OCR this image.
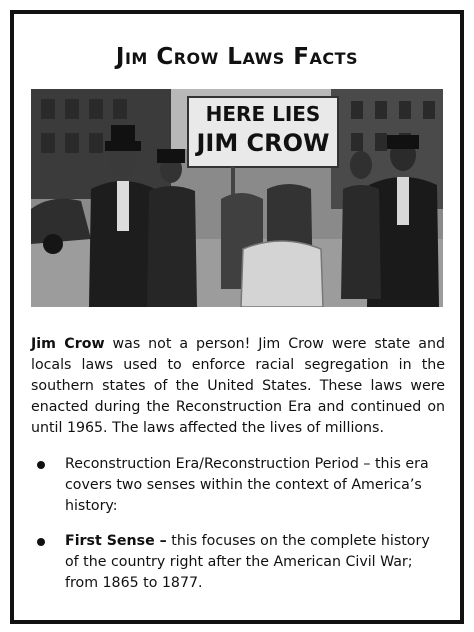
Jim Crow Laws Facts
HERE LIES
JIM CROW

Jim Crow was not a person! Jim Crow were state and locals laws used to enforce racial segregation in the southern states of the United States. These laws were enacted during the Reconstruction Era and continued on until 1965. The laws affected the lives of millions.

Reconstruction Era/Reconstruction Period – this era covers two senses within the context of America’s history:
First Sense – this focuses on the complete history of the country right after the American Civil War; from 1865 to 1877.
